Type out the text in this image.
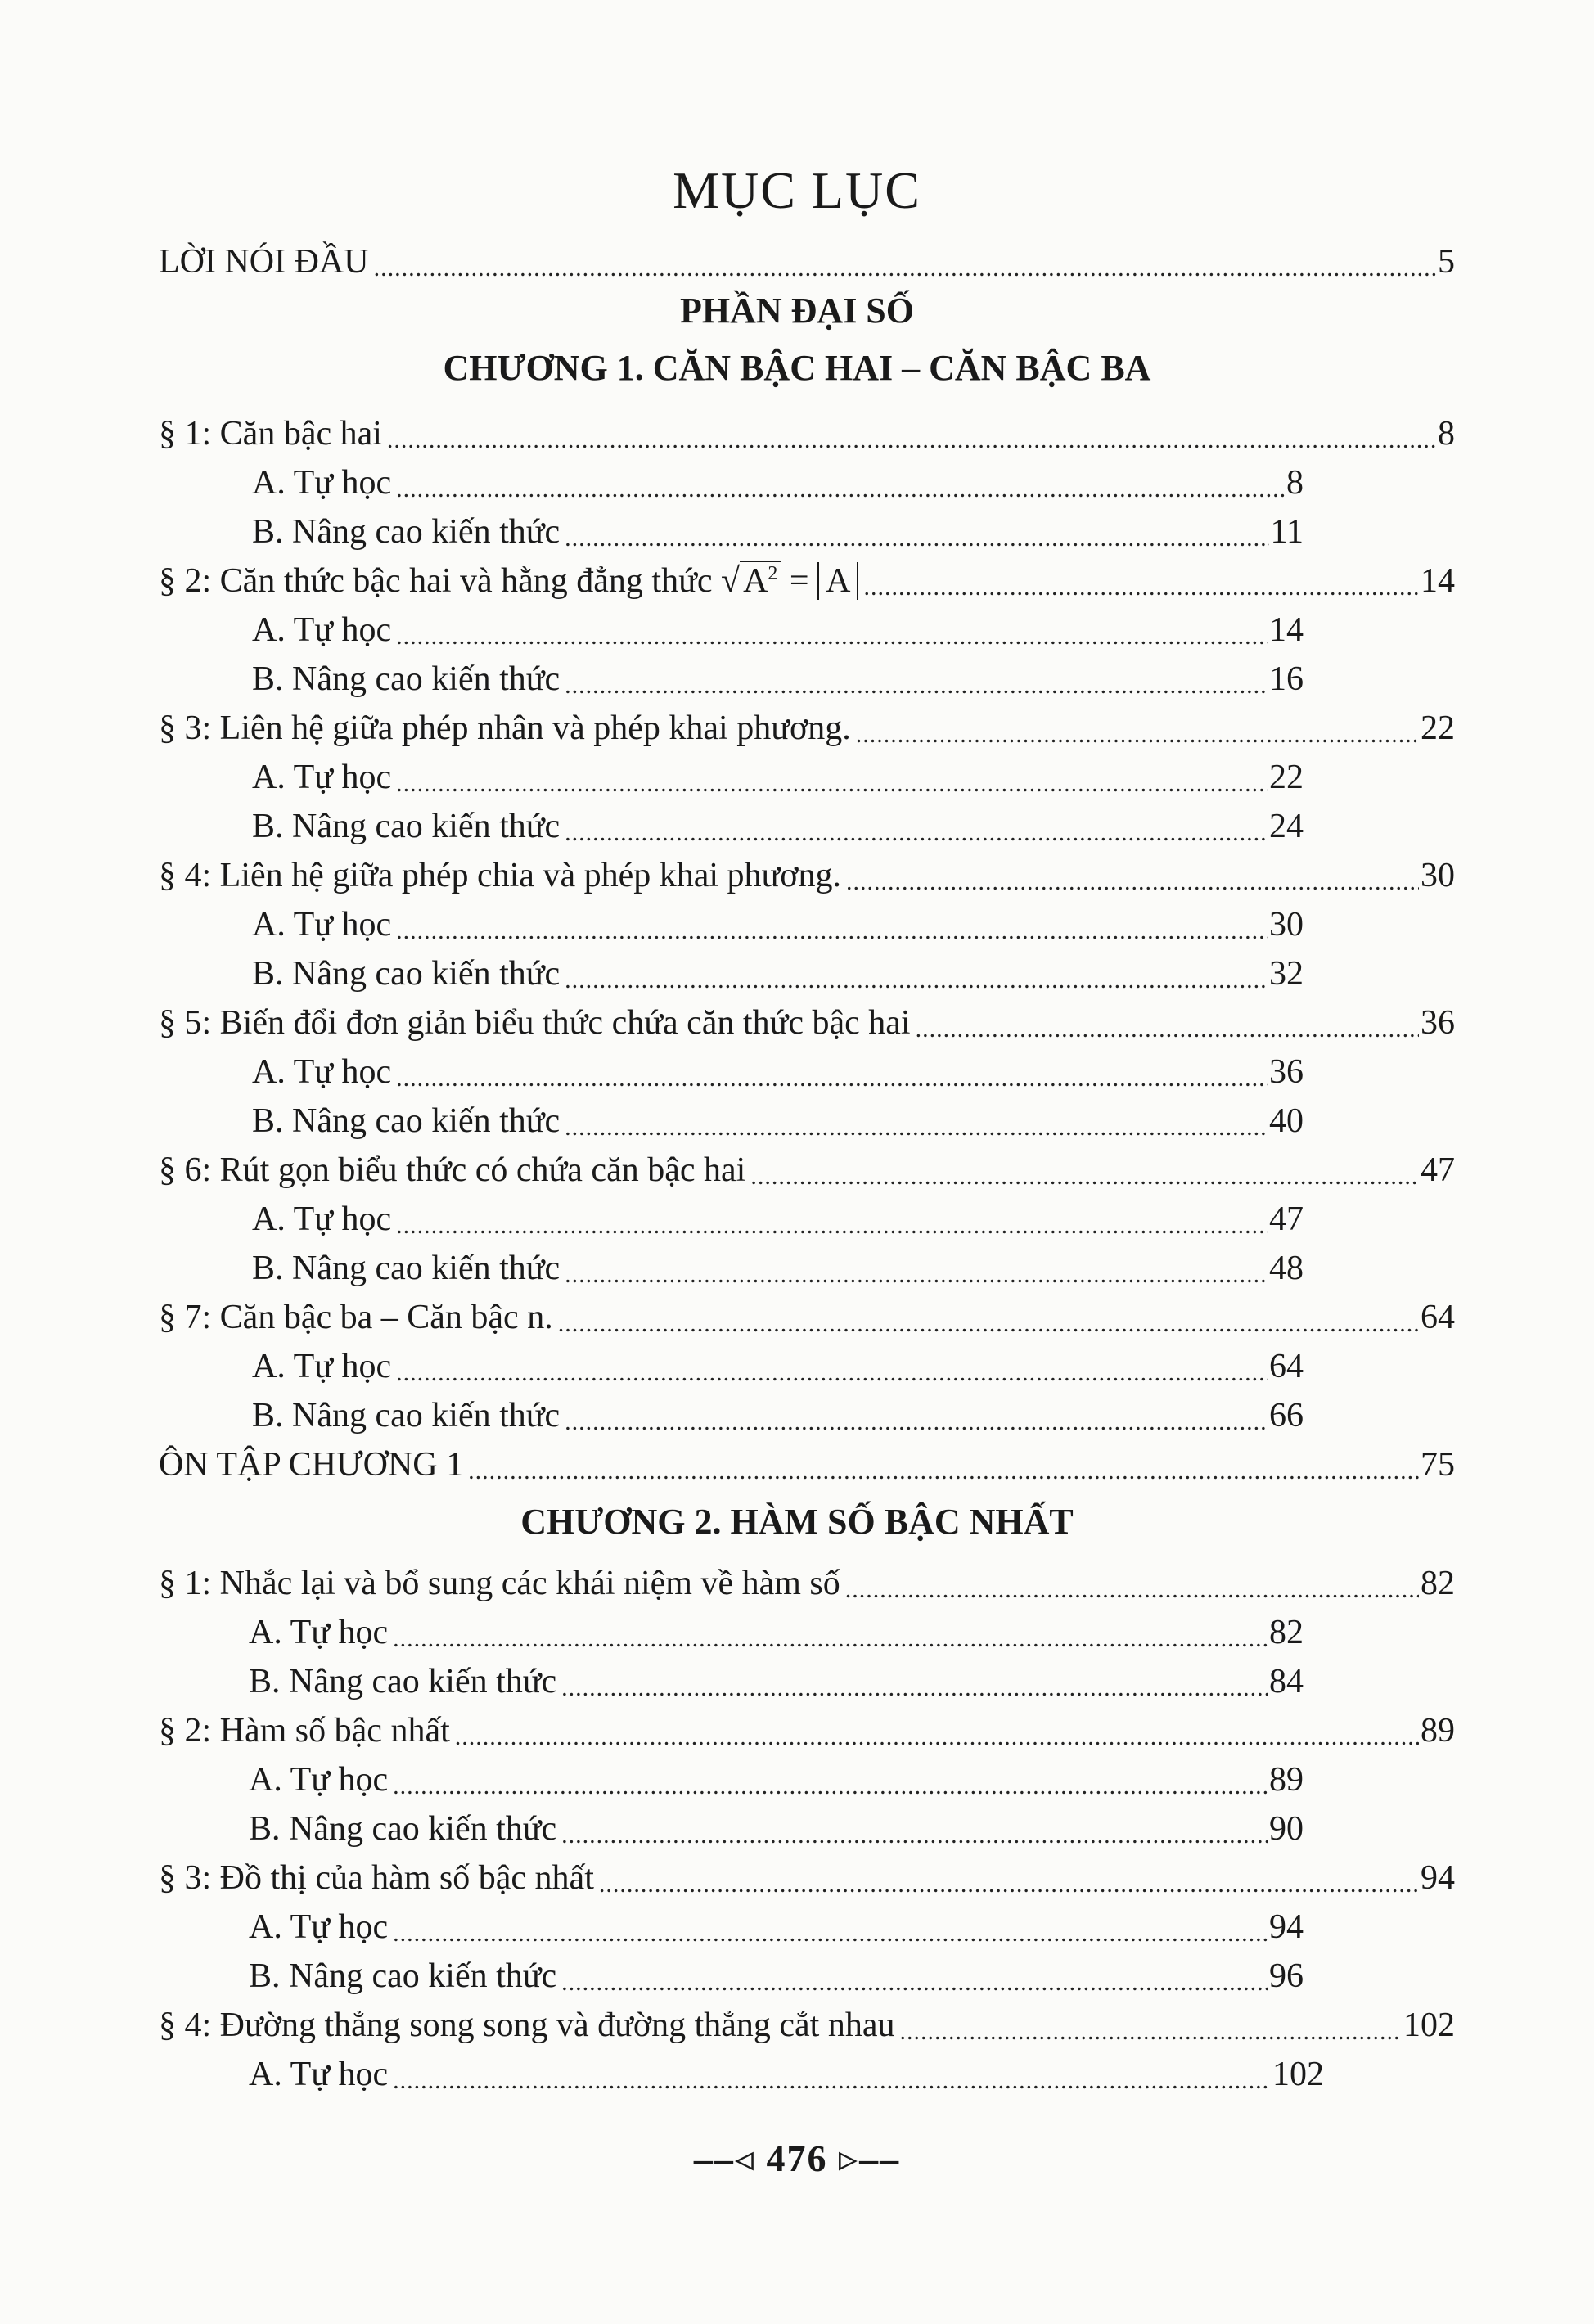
MỤC LỤC
LỜI NÓI ĐẦU .....	5
PHẦN ĐẠI SỐ
CHƯƠNG 1. CĂN BẬC HAI – CĂN BẬC BA
§ 1: Căn bậc hai .....	8
A. Tự học .....	8
B. Nâng cao kiến thức .....	11
§ 2: Căn thức bậc hai và hằng đẳng thức $√A^2 = A$ .....	14
A. Tự học .....	14
B. Nâng cao kiến thức .....	16
§ 3: Liên hệ giữa phép nhân và phép khai phương. .....	22
A. Tự học .....	22
B. Nâng cao kiến thức .....	24
§ 4: Liên hệ giữa phép chia và phép khai phương. .....	30
A. Tự học .....	30
B. Nâng cao kiến thức .....	32
§ 5: Biến đổi đơn giản biểu thức chứa căn thức bậc hai .....	36
A. Tự học .....	36
B. Nâng cao kiến thức .....	40
§ 6: Rút gọn biểu thức có chứa căn bậc hai .....	47
A. Tự học .....	47
B. Nâng cao kiến thức .....	48
§ 7: Căn bậc ba – Căn bậc n. .....	64
A. Tự học .....	64
B. Nâng cao kiến thức .....	66
ÔN TẬP CHƯƠNG 1 .....	75
CHƯƠNG 2. HÀM SỐ BẬC NHẤT
§ 1: Nhắc lại và bổ sung các khái niệm về hàm số .....	82
A. Tự học .....	82
B. Nâng cao kiến thức .....	84
§ 2: Hàm số bậc nhất .....	89
A. Tự học .....	89
B. Nâng cao kiến thức .....	90
§ 3: Đồ thị của hàm số bậc nhất .....	94
A. Tự học .....	94
B. Nâng cao kiến thức .....	96
§ 4: Đường thẳng song song và đường thẳng cắt nhau .....	102
A. Tự học .....	102
––◃ 476 ▹––
